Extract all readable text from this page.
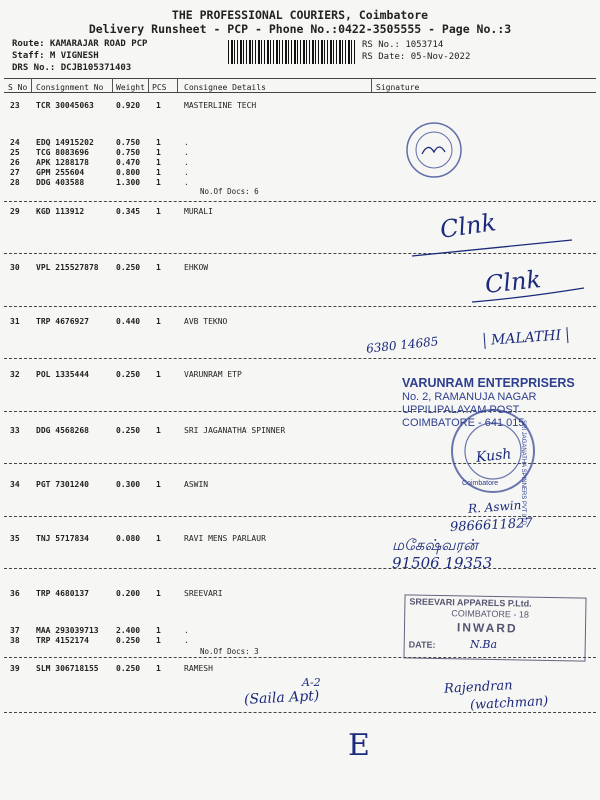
THE PROFESSIONAL COURIERS, Coimbatore
Delivery Runsheet - PCP - Phone No.:0422-3505555 - Page No.:3
Route: KAMARAJAR ROAD PCP
Staff: M VIGNESH
DRS No.: DCJB105371403
RS No.: 1053714
RS Date: 05-Nov-2022
S No Consignment No Weight PCS Consignee Details	Signature
23 TCR 30045063	0.920 1	MASTERLINE TECH
24 EDQ 14915202	0.750 1	.
25 TCG 8083696	0.750 1	.
26 APK 1288178	0.470 1	.
27 GPM 255604	0.800 1	.
28 DDG 403588	1.300 1	.
No.Of Docs: 6
29 KGD 113912	0.345 1	MURALI
30 VPL 215527878 0.250 1	EHKOW
31 TRP 4676927	0.440 1	AVB TEKNO
32 POL 1335444	0.250 1	VARUNRAM ETP
33 DDG 4568268	0.250 1	SRI JAGANATHA SPINNER
34 PGT 7301240	0.300 1	ASWIN
35 TNJ 5717834	0.080 1	RAVI MENS PARLAUR
36 TRP 4680137	0.200 1	SREEVARI
37 MAA 293039713 2.400 1	.
38 TRP 4152174	0.250 1	.
No.Of Docs: 3
39 SLM 306718155 0.250 1	RAMESH
Clnk
Clnk
6380 14685	MALATHI
VARUNRAM ENTERPRISERS
No. 2, RAMANUJA NAGAR
UPPILIPALAYAM POST
COIMBATORE - 641 015
Coimbatore	SRI JAGANATHA SPINNERS PVT LTD
Kush
R. Aswin
9866611827
மகேஷ்வரன்
91506 19353
SREEVARI APPARELS P.Ltd.
COIMBATORE - 18
INWARD
DATE:	N.Ba
A-2
(Saila Apt)
Rajendran
(watchman)
E
